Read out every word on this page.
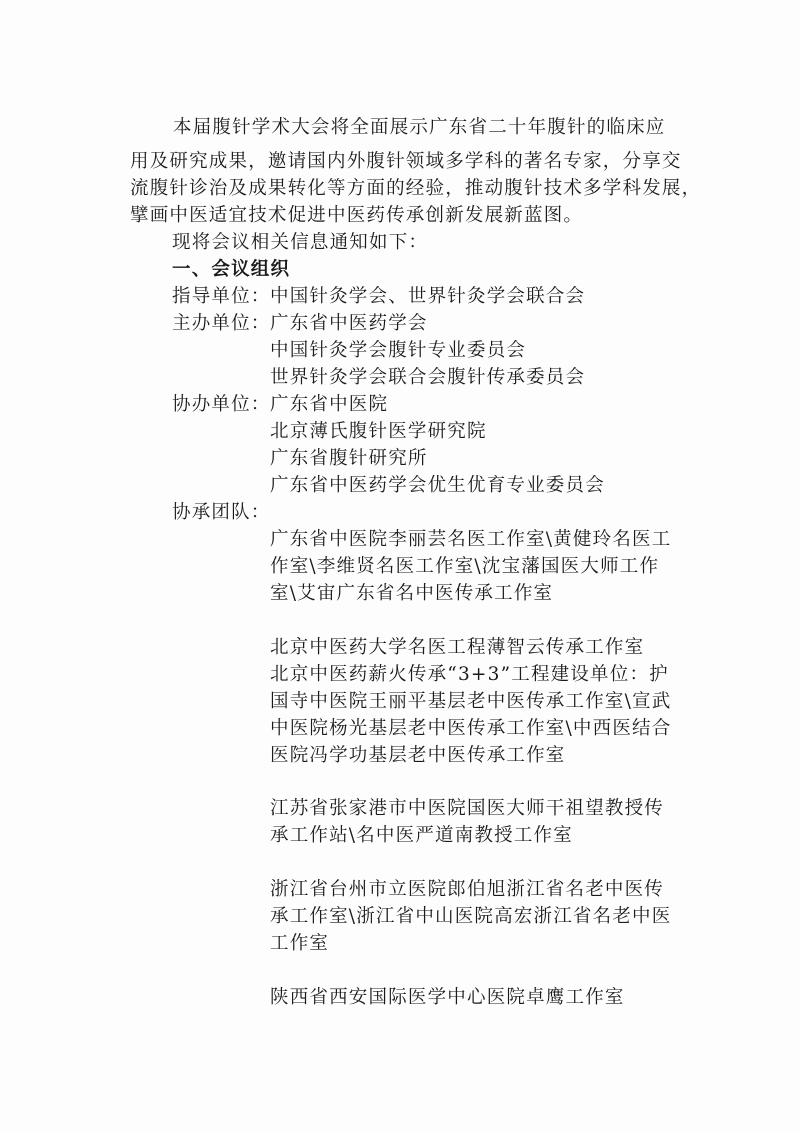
本届腹针学术大会将全面展示广东省二十年腹针的临床应
用及研究成果，邀请国内外腹针领域多学科的著名专家，分享交
流腹针诊治及成果转化等方面的经验，推动腹针技术多学科发展，
擘画中医适宜技术促进中医药传承创新发展新蓝图。
现将会议相关信息通知如下：
一、会议组织
指导单位： 中国针灸学会、世界针灸学会联合会
主办单位： 广东省中医药学会
中国针灸学会腹针专业委员会
世界针灸学会联合会腹针传承委员会
协办单位： 广东省中医院
北京薄氏腹针医学研究院
广东省腹针研究所
广东省中医药学会优生优育专业委员会
协承团队：
广东省中医院李丽芸名医工作室\黄健玲名医工
作室\李维贤名医工作室\沈宝藩国医大师工作
室\艾宙广东省名中医传承工作室
北京中医药大学名医工程薄智云传承工作室
北京中医药薪火传承“3+3”工程建设单位：护
国寺中医院王丽平基层老中医传承工作室\宣武
中医院杨光基层老中医传承工作室\中西医结合
医院冯学功基层老中医传承工作室
江苏省张家港市中医院国医大师干祖望教授传
承工作站\名中医严道南教授工作室
浙江省台州市立医院郎伯旭浙江省名老中医传
承工作室\浙江省中山医院高宏浙江省名老中医
工作室
陕西省西安国际医学中心医院卓鹰工作室
